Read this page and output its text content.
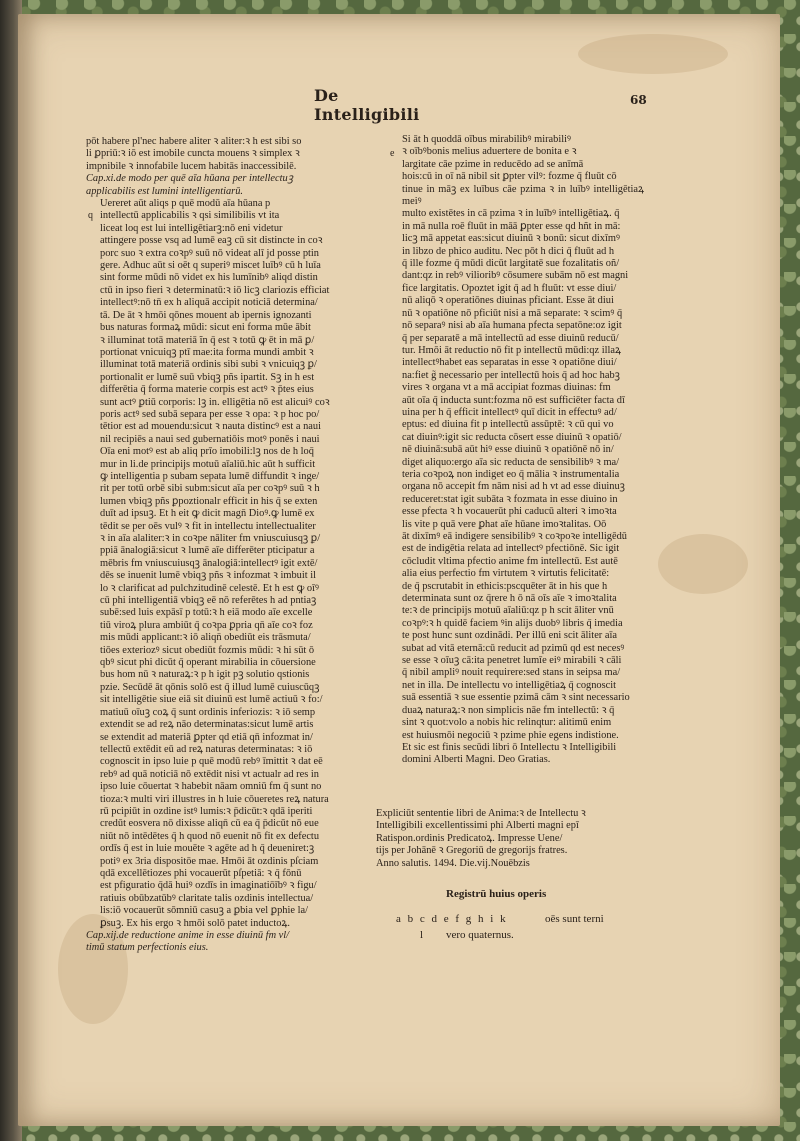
De Intelligibili
68

pōt habere pl'nec habere aliter ꝛ aliter:ꝛ h est sibi so
li ꝑpriū:ꝛ iō est imobile cuncta mouens ꝛ simplex ꝛ
impnibile ꝛ innofabile lucem habitās inaccessibilē.

Cap.xi.de modo per quē aīa hūana per intellectuꝫ
applicabilis est lumini intelligentiarū.

q

Uereret aūt aliqs p quē modū aīa hūana p
intellectū applicabilis ꝛ qsi similibilis vt ita
liceat loq est lui intelligētiarꝫ:nō eni videtur
attingere posse vsq ad lumē eaꝫ cū sit distincte in coꝛ
porc suo ꝛ extra coꝛpꝰ suū nō videat alī jd posse ptin
gere. Adhuc aūt si oēt q superiꝰ miscet luībꝰ cū h luīa
sint forme mūdi nō videt ex his lumīnibꝰ aliqd distin
ctū in ipso fieri ꝛ determinatū:ꝛ iō licꝫ clariozis efficiat
intellectꝰ:nō tn̄ ex h aliquā accipit noticiā determina/
tā. De āt ꝛ hmōi qōnes mouent ab ipernis ignozanti
bus naturas formaꝝ mūdi: sicut eni forma mūe ābit
ꝛ illuminat totā materiā ĩn q̄ est ꝛ totū ꝙ ēt in mā ꝑ/
portionat vnicuiqꝫ ptī mae:ita forma mundi ambit ꝛ
illuminat totā materiā ordinis sibi subi ꝛ vnicuiqꝫ ꝑ/
portionalit er lumē suū vbiqꝫ pñs ipartit. Sꝫ in h est
differētia q̄ forma materie corpis est actꝰ ꝛ p̄tes eius
sunt actꝰ ꝑtiū corporis: lꝫ in. elligētia nō est alicuiꝰ coꝛ
poris actꝰ sed subā separa per esse ꝛ opa: ꝛ p hoc po/
tētior est ad mouendu:sicut ꝛ nauta distincꝰ est a naui
nil recipiēs a naui sed gubernatiōis motꝰ ponēs i naui
Oīa eni motꝰ est ab aliq prīo imobili:lꝫ nos de h loq̄
mur in li.de principijs motuū aīaliū.hic aūt h sufficit
ꝙ intelligentia p subam sepata lumē diffundit ꝛ inge/
rit per totū orbē sibi subm:sicut aīa per coꝛpꝰ suū ꝛ h
lumen vbiqꝫ pñs ꝑpoztionalr efficit in his q̄ se exten
duīt ad ipsuꝫ. Et h eit ꝙ dicit magn̄ Dioꝰ.ꝙ lumē ex
tēdit se per oēs vulꝰ ꝛ fit in intellectu intellectualiter
ꝛ in aīa alaliter:ꝛ in coꝛpe nāliter fm vniuscuiusqꝫ ꝑ/
ppiā ānalogiā:sicut ꝛ lumē aīe differēter pticipatur a
mēbris fm vniuscuiusqꝫ ānalogiā:intellectꝰ igit extē/
dēs se inuenit lumē vbiqꝫ pñs ꝛ infozmat ꝛ imbuit il
lo ꝛ clarificat ad pulchzitudinē celestē. Et h est ꝙ oīꝰ
cū phi intelligentiā vbiqꝫ eē nō referētes h ad pntiaꝫ
subē:sed luis expāsī p totū:ꝛ h eiā modo aīe excelle
tiū viroꝝ plura ambiūt q̄ coꝛpa ꝑpria qn̄ aīe coꝛ foz
mis mūdi applicant:ꝛ iō aliqn̄ obediūt eis trāsmuta/
tiōes exteriozꝰ sicut obediūt fozmis mūdi: ꝛ hi sūt ō
qbꝰ sicut phi dicūt q̄ operant mirabilia in cōuersione
bus hom nū ꝛ naturaꝝ:ꝛ p h igit pꝫ solutio qstionis
pzie. Secūdē āt qōnis solō est q̄ illud lumē cuiuscūqꝫ
sit intelligētie siue eiā sit diuinū est lumē actiuū ꝛ fo:/
matiuū oīuꝫ coꝝ q̄ sunt ordinis inferiozis: ꝛ iō semp
extendit se ad reꝝ nāo determinatas:sicut lumē artis
se extendit ad materiā ꝑpter qd etiā qn̄ infozmat in/
tellectū extēdit eū ad reꝝ naturas determinatas: ꝛ iō
cognoscit in ipso luie p quē modū rebꝰ īmittit ꝛ dat eē
rebꝰ ad quā noticiā nō extēdit nisi vt actualr ad res in
ipso luie cōuertat ꝛ habebit nāam omniū fm q̄ sunt no
tioza:ꝛ multi viri illustres in h luie cōueretes reꝝ natura
rū pcipiūt in ozdine istꝰ lumis:ꝛ p̄dicūt:ꝛ qdā iperiti
credūt eosvera nō dixisse aliqn̄ cū ea q̄ p̄dicūt nō eue
niūt nō intēdētes q̄ h quod nō euenit nō fit ex defectu
ordīs q̄ est in luie mouēte ꝛ agēte ad h q̄ deueniret:ꝫ
potiꝰ ex 3ria dispositōe mae. Hmōi āt ozdinis pſciam
qdā excellētiozes phi vocauerūt pſpetiā: ꝛ q̄ fōnū
est pfiguratio q̄dā huiꝰ ozdīs in imaginatiōībꝰ ꝛ figu/
ratiuis obūbzatūbꝰ claritate talis ozdinis intellectua/
lis:iō vocauerūt sōmniū casuꝫ a ꝑbia vel ꝑphie la/
ꝑsuꝫ. Ex his ergo ꝛ hmōi solō patet inductoꝝ.

Cap.xij.de reductione anime in esse diuinū fm vl/
timū statum perfectionis eius.

e

Si āt h quoddā oībus mirabilibꝰ mirabiliꝰ
ꝛ oībꝰbonis melius aduertere de bonita e ꝛ
largitate cāe pzime in reducēdo ad se anīmā
hois:cū in oī nā nibil sit ꝑpter vilꝰ: fozme q̄ fluūt cō
tinue in māꝫ ex luībus cāe pzima ꝛ in luībꝰ intelligētiaꝝ meiꝰ
multo existētes in cā pzima ꝛ in luībꝰ intelligētiaꝝ. q̄
in mā nulla roē fluūt in māā ꝑpter esse qd hñt in mā:
licꝫ mā appetat eas:sicut diuinū ꝛ bonū: sicut dixīmꝰ
in libzo de phico auditu. Nec pōt h dici q̄ fluūt ad h
q̄ ille fozme q̄ mūdi dicūt largitatē sue fozalitatis oñ/
dant:qz in rebꝰ vilioribꝰ cōsumere subām nō est magni
fice largitatis. Opoztet igit q̄ ad h fluūt: vt esse diui/
nū aliqō ꝛ operatiōnes diuinas pficiant. Esse āt diui
nū ꝛ opatiōne nō pficiūt nisi a mā separate: ꝛ scimꝰ q̄
nō separaꝰ nisi ab aīa humana pfecta sepatōne:oz igit
q̄ per separatē a mā intellectū ad esse diuinū reducū/
tur. Hmōi āt reductio nō fit p intellectū mūdi:qz illaꝝ
intellectꝰhabet eas separatas in esse ꝛ opatiōne diui/
na:fiet g̃ necessario per intellectū hois q̄ ad hoc habꝫ
vires ꝛ organa vt a mā accipiat fozmas diuinas: fm
aūt oīa q̄ inducta sunt:fozma nō est sufficiēter facta dī
uina per h q̄ efficit intellectꝰ quī dicit in effectuꝰ ad/
eptus: ed diuina fit p intellectū assūptē: ꝛ cū qui vo
cat diuinꝰ:igit sic reducta cōsert esse diuinū ꝛ opatiō/
nē diuinā:subā aūt hiꝰ esse diuinū ꝛ opatiōnē nō in/
diget aliquo:ergo aīa sic reducta de sensibilibꝰ ꝛ ma/
teria coꝛpoꝝ non indiget eo q̄ mālia ꝛ instrumentalia
organa nō accepit fm nām nisi ad h vt ad esse diuinuꝫ
reduceret:stat igit subāta ꝛ fozmata in esse diuino in
esse pfecta ꝛ h vocauerūt phi caducū alteri ꝛ imoꝛta
lis vite p quā vere ꝑhat aīe hūane imoꝛtalitas. Oō
āt dixīmꝰ eā indigere sensibilibꝰ ꝛ coꝛpoꝛe intelligēdū
est de indigētia relata ad intellectꝰ pfectiōnē. Sic igit
cōcludit vltima pfectio anime fm intellectū. Est autē
alia eius perfectio fm virtutem ꝛ virtutis felicitatē:
de q̄ pscrutabit in ethicis:pscquēter āt in his que h
determinata sunt oz q̄rere h ō nā oīs aīe ꝛ imoꝛtalita
te:ꝛ de principijs motuū aīaliū:qz p h scit āliter vnū
coꝛpꝰ:ꝛ h quidē faciem ꝰin alijs duobꝰ libris q̄ imedia
te post hunc sunt ozdinādi. Per illū eni scit āliter aīa
subat ad vitā eternā:cū reducit ad pzimū qd est necesꝰ
se esse ꝛ oīuꝫ cā:ita penetret lumīe eiꝰ mirabili ꝛ cāli
q̄ nibil ampliꝰ nouit requirere:sed stans in seipsa ma/
net in illa. De intellectu vo intelligētiaꝝ q̄ cognoscit
suā essentiā ꝛ sue essentie pzimā cām ꝛ sint necessario
duaꝝ naturaꝝ:ꝛ non simplicis nāe fm intellectū: ꝛ q̄
sint ꝛ quot:volo a nobis hic relinqtur: alitimū enim
est huiusmōi negociū ꝛ pzime phie egens indistione.
Et sic est finis secūdi libri ō Intellectu ꝛ Intelligibili
domini Alberti Magni. Deo Gratias.

Expliciūt sententie libri de Anima:ꝛ de Intellectu ꝛ
Intelligibili excellentissimi phi Alberti magni epī
Ratispon.ordinis Predicatoꝝ. Impresse Uene/
tijs per Johānē ꝛ Gregoriū de gregorijs fratres.
Anno salutis. 1494. Die.vij.Nouēbzis
Registrū huius operis
a b c d e f g h i k	oēs sunt terni
l vero quaternus.
